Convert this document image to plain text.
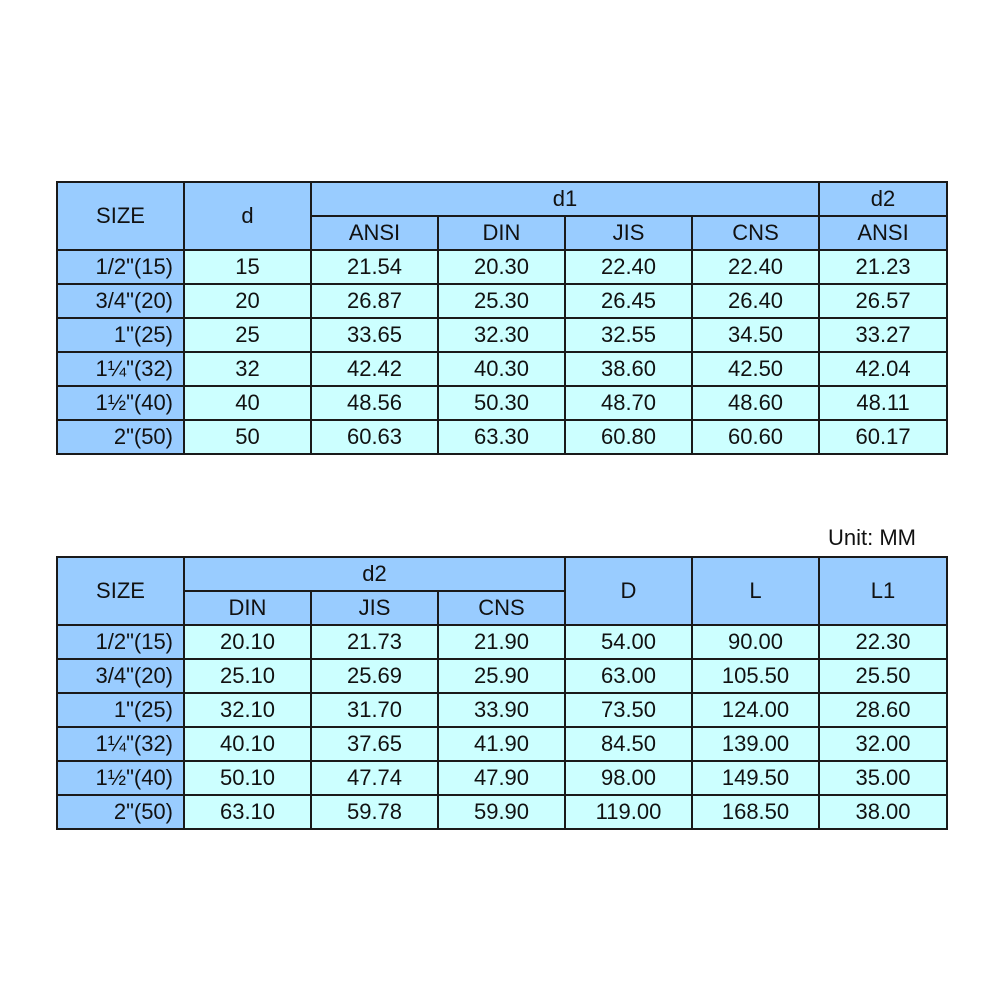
SIZE	d	d1				d2
		ANSI	DIN	JIS	CNS	ANSI
1/2"(15)	15	21.54	20.30	22.40	22.40	21.23
3/4"(20)	20	26.87	25.30	26.45	26.40	26.57
1"(25)	25	33.65	32.30	32.55	34.50	33.27
1¼"(32)	32	42.42	40.30	38.60	42.50	42.04
1½"(40)	40	48.56	50.30	48.70	48.60	48.11
2"(50)	50	60.63	63.30	60.80	60.60	60.17
Unit: MM
SIZE	d2			D	L	L1
	DIN	JIS	CNS			
1/2"(15)	20.10	21.73	21.90	54.00	90.00	22.30
3/4"(20)	25.10	25.69	25.90	63.00	105.50	25.50
1"(25)	32.10	31.70	33.90	73.50	124.00	28.60
1¼"(32)	40.10	37.65	41.90	84.50	139.00	32.00
1½"(40)	50.10	47.74	47.90	98.00	149.50	35.00
2"(50)	63.10	59.78	59.90	119.00	168.50	38.00
